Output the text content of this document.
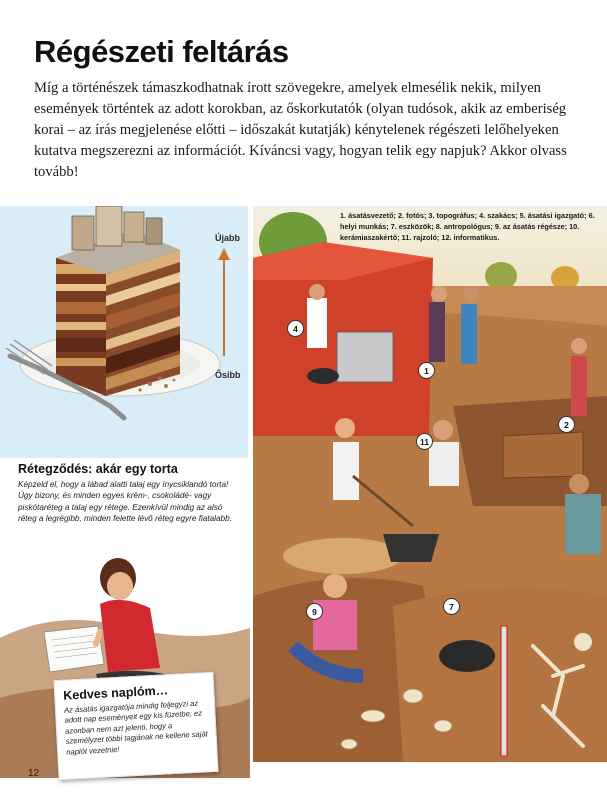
Régészeti feltárás

Míg a történészek támaszkodhatnak írott szövegekre, amelyek elmesélik nekik, milyen események történtek az adott korokban, az őskorkutatók (olyan tudósok, akik az emberiség korai – az írás megjelenése előtti – időszakát kutatják) kénytelenek régészeti lelőhelyeken kutatva megszerezni az információt. Kíváncsi vagy, hogyan telik egy napjuk? Akkor olvass tovább!

Újabb
Ősibb
Rétegződés: akár egy torta

Képzeld el, hogy a lábad alatti talaj egy ínycsiklandó torta! Úgy bizony, és minden egyes krém-, csokoládé- vagy piskótaréteg a talaj egy rétege. Ezenkívül mindig az alsó réteg a legrégibb, minden felette lévő réteg egyre fiatalabb.

Kedves naplóm…

Az ásatás igazgatója mindig feljegyzi az adott nap eseményeit egy kis füzetbe, ez azonban nem azt jelenti, hogy a személyzet többi tagjának ne kellene saját naplót vezetnie!

12

1. ásatásvezető; 2. fotós; 3. topográfus; 4. szakács; 5. ásatási igazgató; 6. helyi munkás; 7. eszközök; 8. antropológus; 9. az ásatás régésze; 10. kerámiaszakértő; 11. rajzoló; 12. informatikus.

1
2
4
7
9
11
